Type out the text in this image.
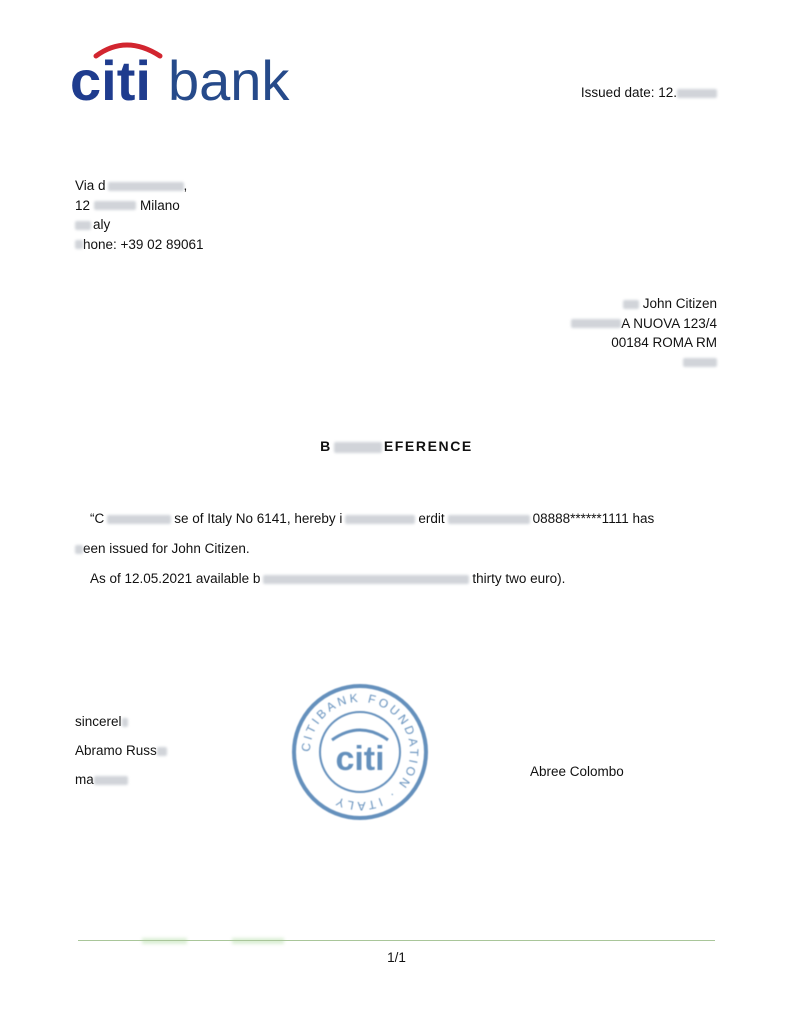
citi bank	Issued date: 12.
Via d	,
12	Milano
aly
hone: +39 02 89061
John Citizen
A NUOVA 123/4
00184 ROMA RM
B	EFERENCE
“C	se of Italy No 6141, hereby i	erdit	08888******1111 has
een issued for John Citizen.
As of 12.05.2021 available b	thirty two euro).
sincerel
Abramo Russ
ma
Abree Colombo
CITIBANK FOUNDATION · ITALY
citi
1/1
